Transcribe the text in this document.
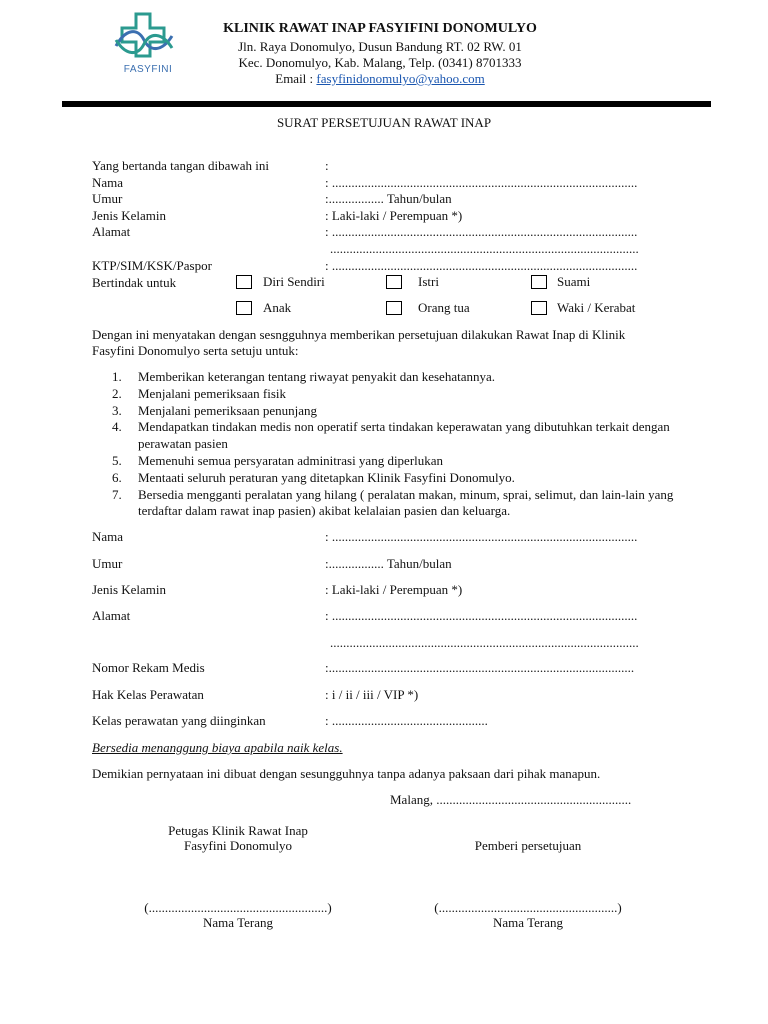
FASYFINI
KLINIK RAWAT INAP FASYIFINI DONOMULYO
Jln. Raya Donomulyo, Dusun Bandung RT. 02 RW. 01
Kec. Donomulyo, Kab. Malang, Telp. (0341) 8701333
Email : fasyfinidonomulyo@yahoo.com
SURAT PERSETUJUAN RAWAT INAP
Yang bertanda tangan dibawah ini	:
Nama	: ..............................................................................................
Umur	:................. Tahun/bulan
Jenis Kelamin	: Laki-laki / Perempuan *)
Alamat	: ..............................................................................................
...............................................................................................
KTP/SIM/KSK/Paspor	: ..............................................................................................
Bertindak untuk	Diri Sendiri	Istri	Suami
Anak	Orang tua	Waki / Kerabat
Dengan ini menyatakan dengan sesngguhnya memberikan persetujuan dilakukan Rawat Inap di Klinik
Fasyfini Donomulyo serta setuju untuk:
1. Memberikan keterangan tentang riwayat penyakit dan kesehatannya.
2. Menjalani pemeriksaan fisik
3. Menjalani pemeriksaan penunjang
4. Mendapatkan tindakan medis non operatif serta tindakan keperawatan yang dibutuhkan terkait dengan perawatan pasien
5. Memenuhi semua persyaratan adminitrasi yang diperlukan
6. Mentaati seluruh peraturan yang ditetapkan Klinik Fasyfini Donomulyo.
7. Bersedia mengganti peralatan yang hilang ( peralatan makan, minum, sprai, selimut, dan lain-lain yang terdaftar dalam rawat inap pasien) akibat kelalaian pasien dan keluarga.
Nama	: ..............................................................................................
Umur	:................. Tahun/bulan
Jenis Kelamin	: Laki-laki / Perempuan *)
Alamat	: ..............................................................................................
...............................................................................................
Nomor Rekam Medis	:..............................................................................................
Hak Kelas Perawatan	: i / ii / iii / VIP *)
Kelas perawatan yang diinginkan	: ................................................
Bersedia menanggung biaya apabila naik kelas.
Demikian pernyataan ini dibuat dengan sesungguhnya tanpa adanya paksaan dari pihak manapun.
Malang, ............................................................
Petugas Klinik Rawat Inap
Fasyfini Donomulyo	Pemberi persetujuan
(.......................................................)	(.......................................................)
Nama Terang	Nama Terang
